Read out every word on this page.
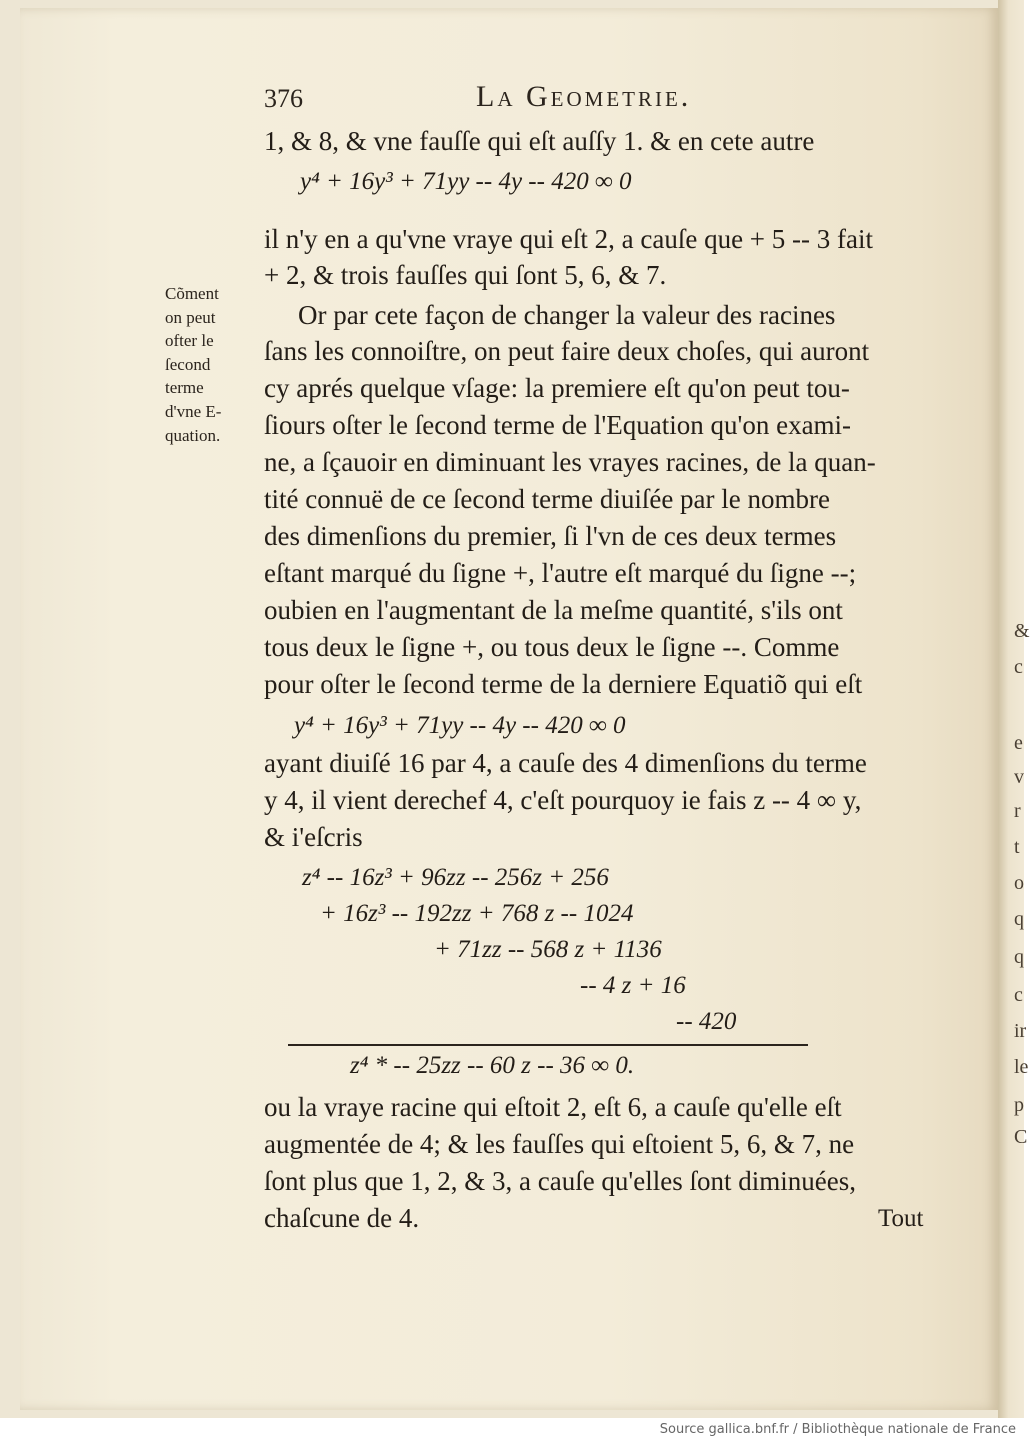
&
c
e
v
r
t
o
q
q
c
ir
le
p
C
376	La Geometrie.
Cõment
on peut
ofter le
ſecond
terme
d'vne E-
quation.
1, & 8, & vne fauſſe qui eſt auſſy 1. & en cete autre
y⁴ + 16y³ + 71yy -- 4y -- 420 ∞ 0
il n'y en a qu'vne vraye qui eſt 2, a cauſe que + 5 -- 3 fait
+ 2, & trois fauſſes qui ſont 5, 6, & 7.
Or par cete façon de changer la valeur des racines
ſans les connoiſtre, on peut faire deux choſes, qui auront
cy aprés quelque vſage: la premiere eſt qu'on peut tou-
ſiours oſter le ſecond terme de l'Equation qu'on exami-
ne, a ſçauoir en diminuant les vrayes racines, de la quan-
tité connuë de ce ſecond terme diuiſée par le nombre
des dimenſions du premier, ſi l'vn de ces deux termes
eſtant marqué du ſigne +, l'autre eſt marqué du ſigne --;
oubien en l'augmentant de la meſme quantité, s'ils ont
tous deux le ſigne +, ou tous deux le ſigne --. Comme
pour oſter le ſecond terme de la derniere Equatiõ qui eſt
y⁴ + 16y³ + 71yy -- 4y -- 420 ∞ 0
ayant diuiſé 16 par 4, a cauſe des 4 dimenſions du terme
y 4, il vient derechef 4, c'eſt pourquoy ie fais z -- 4 ∞ y,
& i'eſcris
z⁴ -- 16z³ + 96zz -- 256z + 256
+ 16z³ -- 192zz + 768 z -- 1024
+ 71zz -- 568 z + 1136
-- 4 z + 16
-- 420
z⁴ * -- 25zz -- 60 z -- 36 ∞ 0.
ou la vraye racine qui eſtoit 2, eſt 6, a cauſe qu'elle eſt
augmentée de 4; & les fauſſes qui eſtoient 5, 6, & 7, ne
ſont plus que 1, 2, & 3, a cauſe qu'elles ſont diminuées,
chaſcune de 4.	Tout
Source gallica.bnf.fr / Bibliothèque nationale de France
